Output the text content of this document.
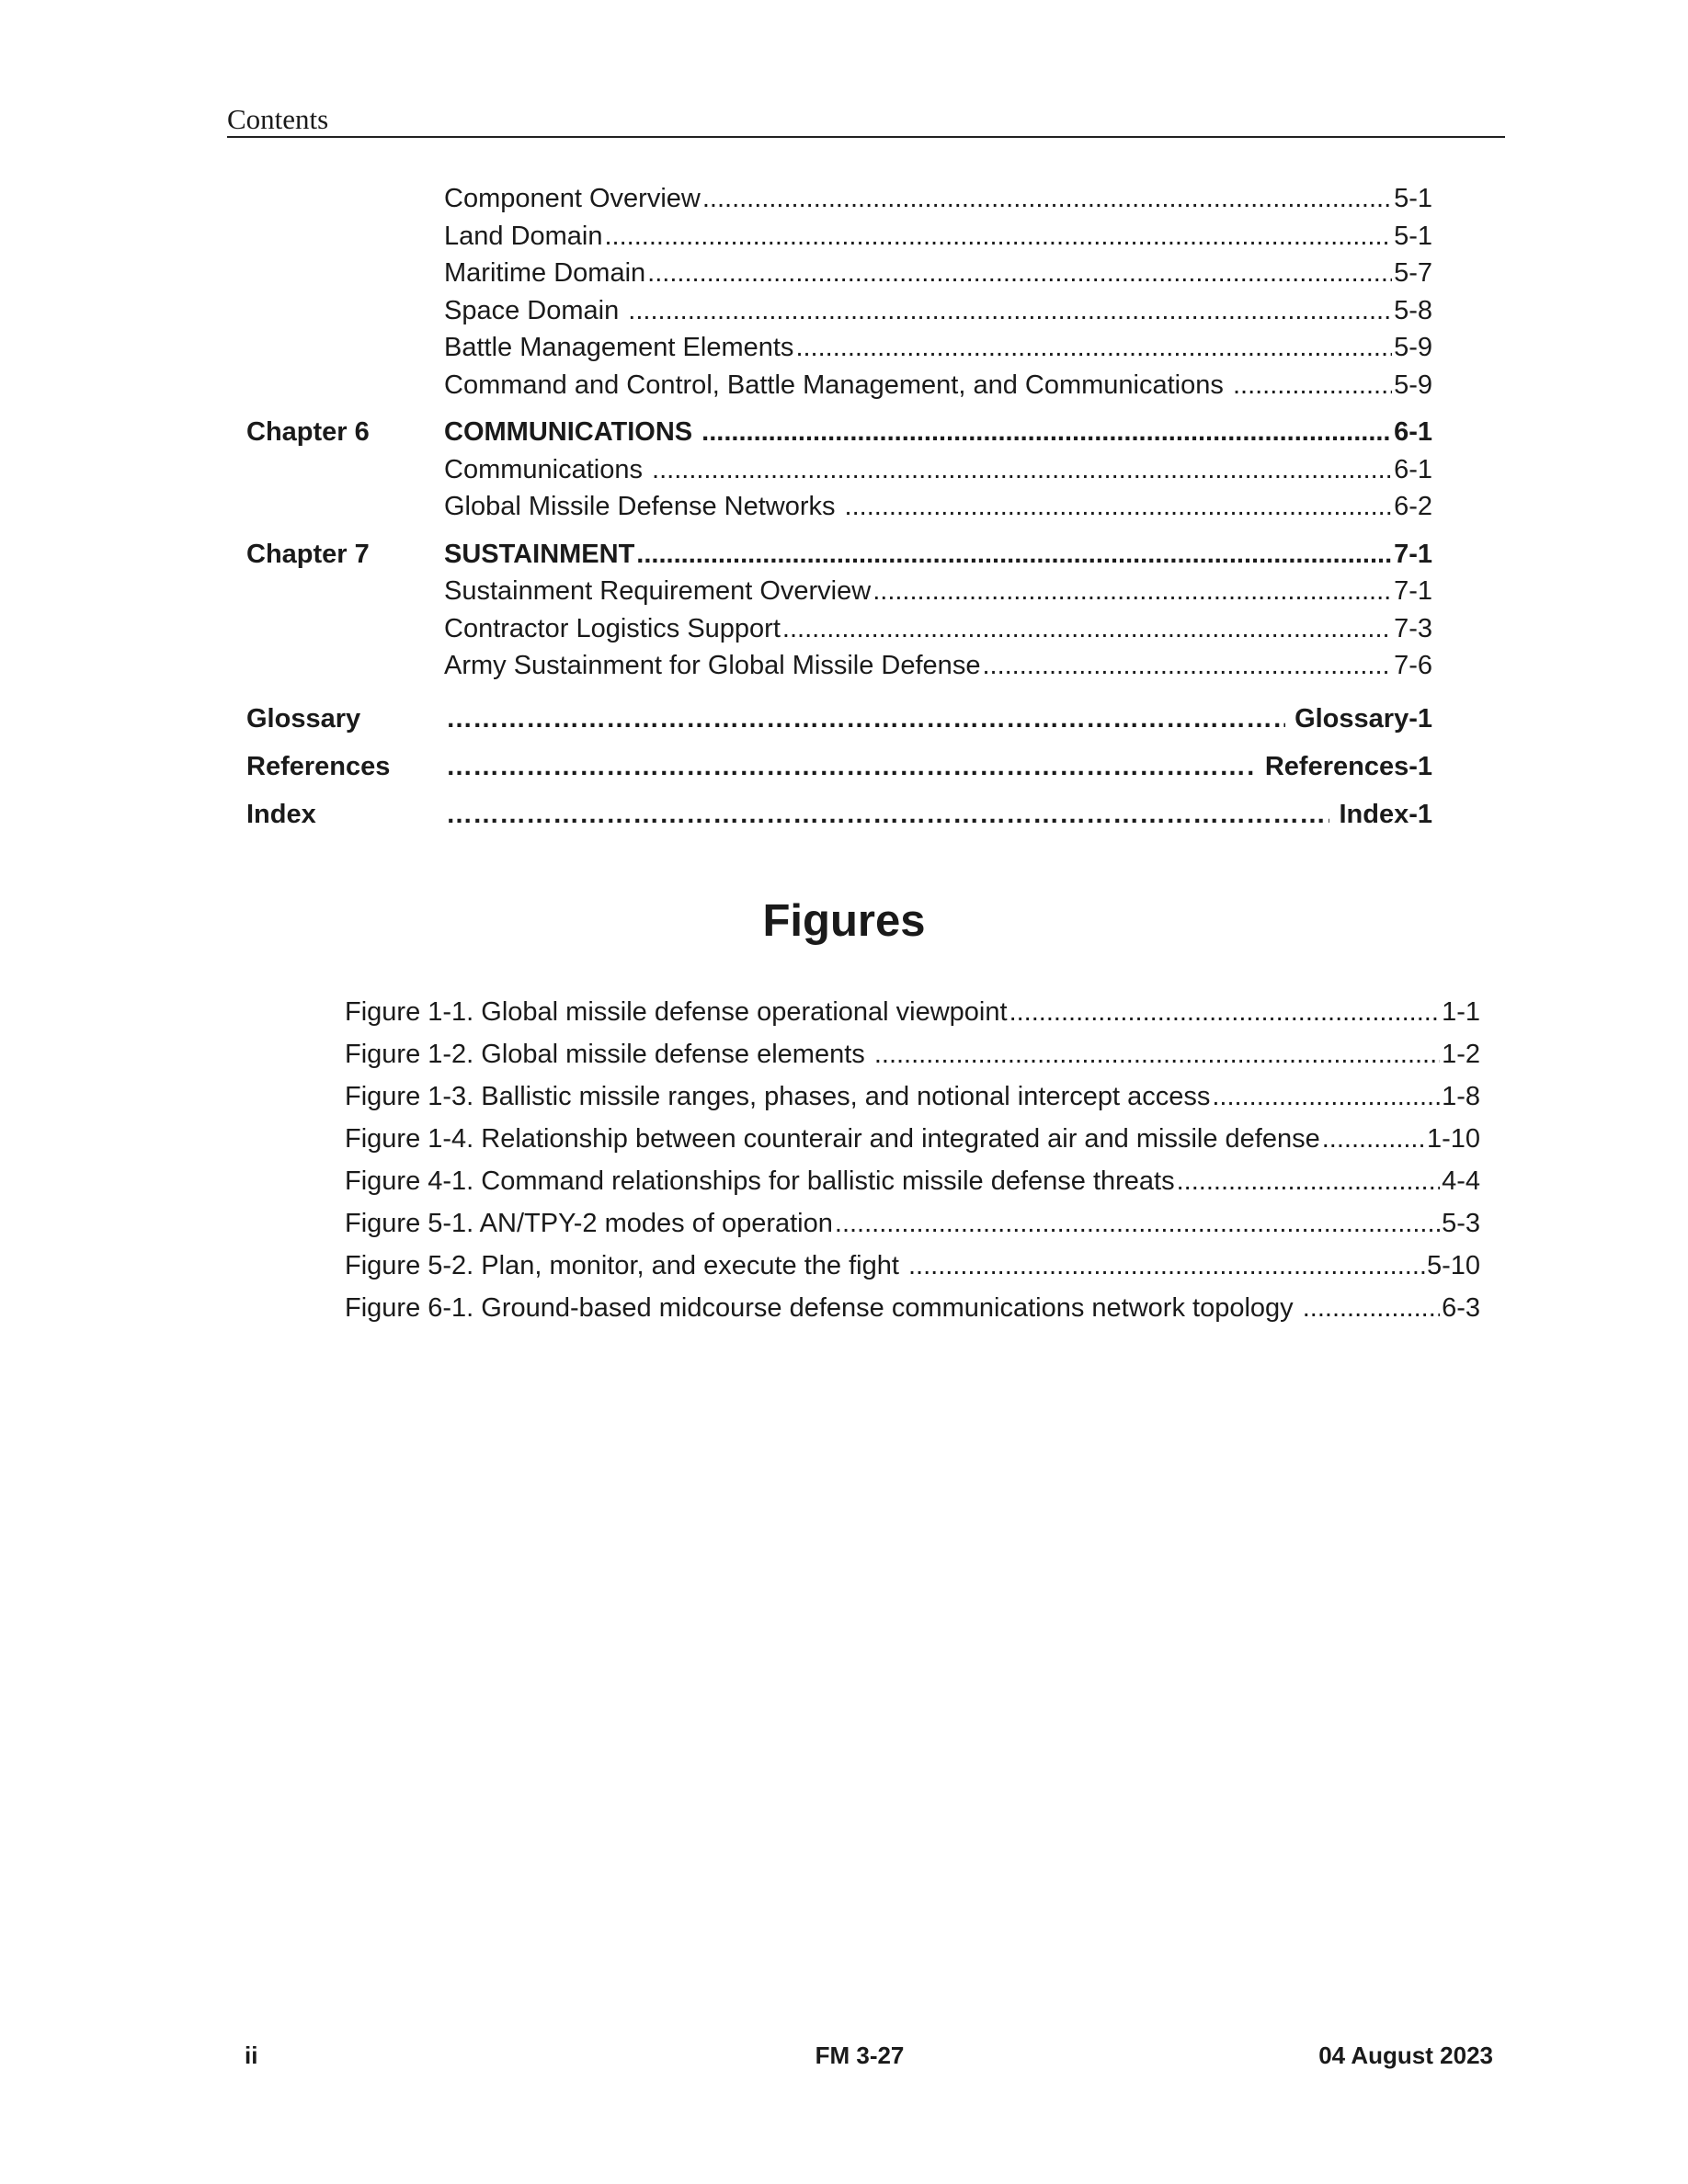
Contents
Component Overview .....	5-1
Land Domain .....	5-1
Maritime Domain .....	5-7
Space Domain .....	5-8
Battle Management Elements .....	5-9
Command and Control, Battle Management, and Communications .....	5-9
Chapter 6	COMMUNICATIONS .....	6-1
Communications .....	6-1
Global Missile Defense Networks .....	6-2
Chapter 7	SUSTAINMENT .....	7-1
Sustainment Requirement Overview .....	7-1
Contractor Logistics Support .....	7-3
Army Sustainment for Global Missile Defense .....	7-6
Glossary ………………………………………………………………………………………………………………………………………………………………………………………………………………	Glossary-1
References ………………………………………………………………………………………………………………………………………………………………………………………………………………	References-1
Index ………………………………………………………………………………………………………………………………………………………………………………………………………………	Index-1
Figures
Figure 1-1. Global missile defense operational viewpoint .....	1-1
Figure 1-2. Global missile defense elements .....	1-2
Figure 1-3. Ballistic missile ranges, phases, and notional intercept access .....	1-8
Figure 1-4. Relationship between counterair and integrated air and missile defense .....	1-10
Figure 4-1. Command relationships for ballistic missile defense threats .....	4-4
Figure 5-1. AN/TPY-2 modes of operation .....	5-3
Figure 5-2. Plan, monitor, and execute the fight .....	5-10
Figure 6-1. Ground-based midcourse defense communications network topology .....	6-3
ii	FM 3-27	04 August 2023
